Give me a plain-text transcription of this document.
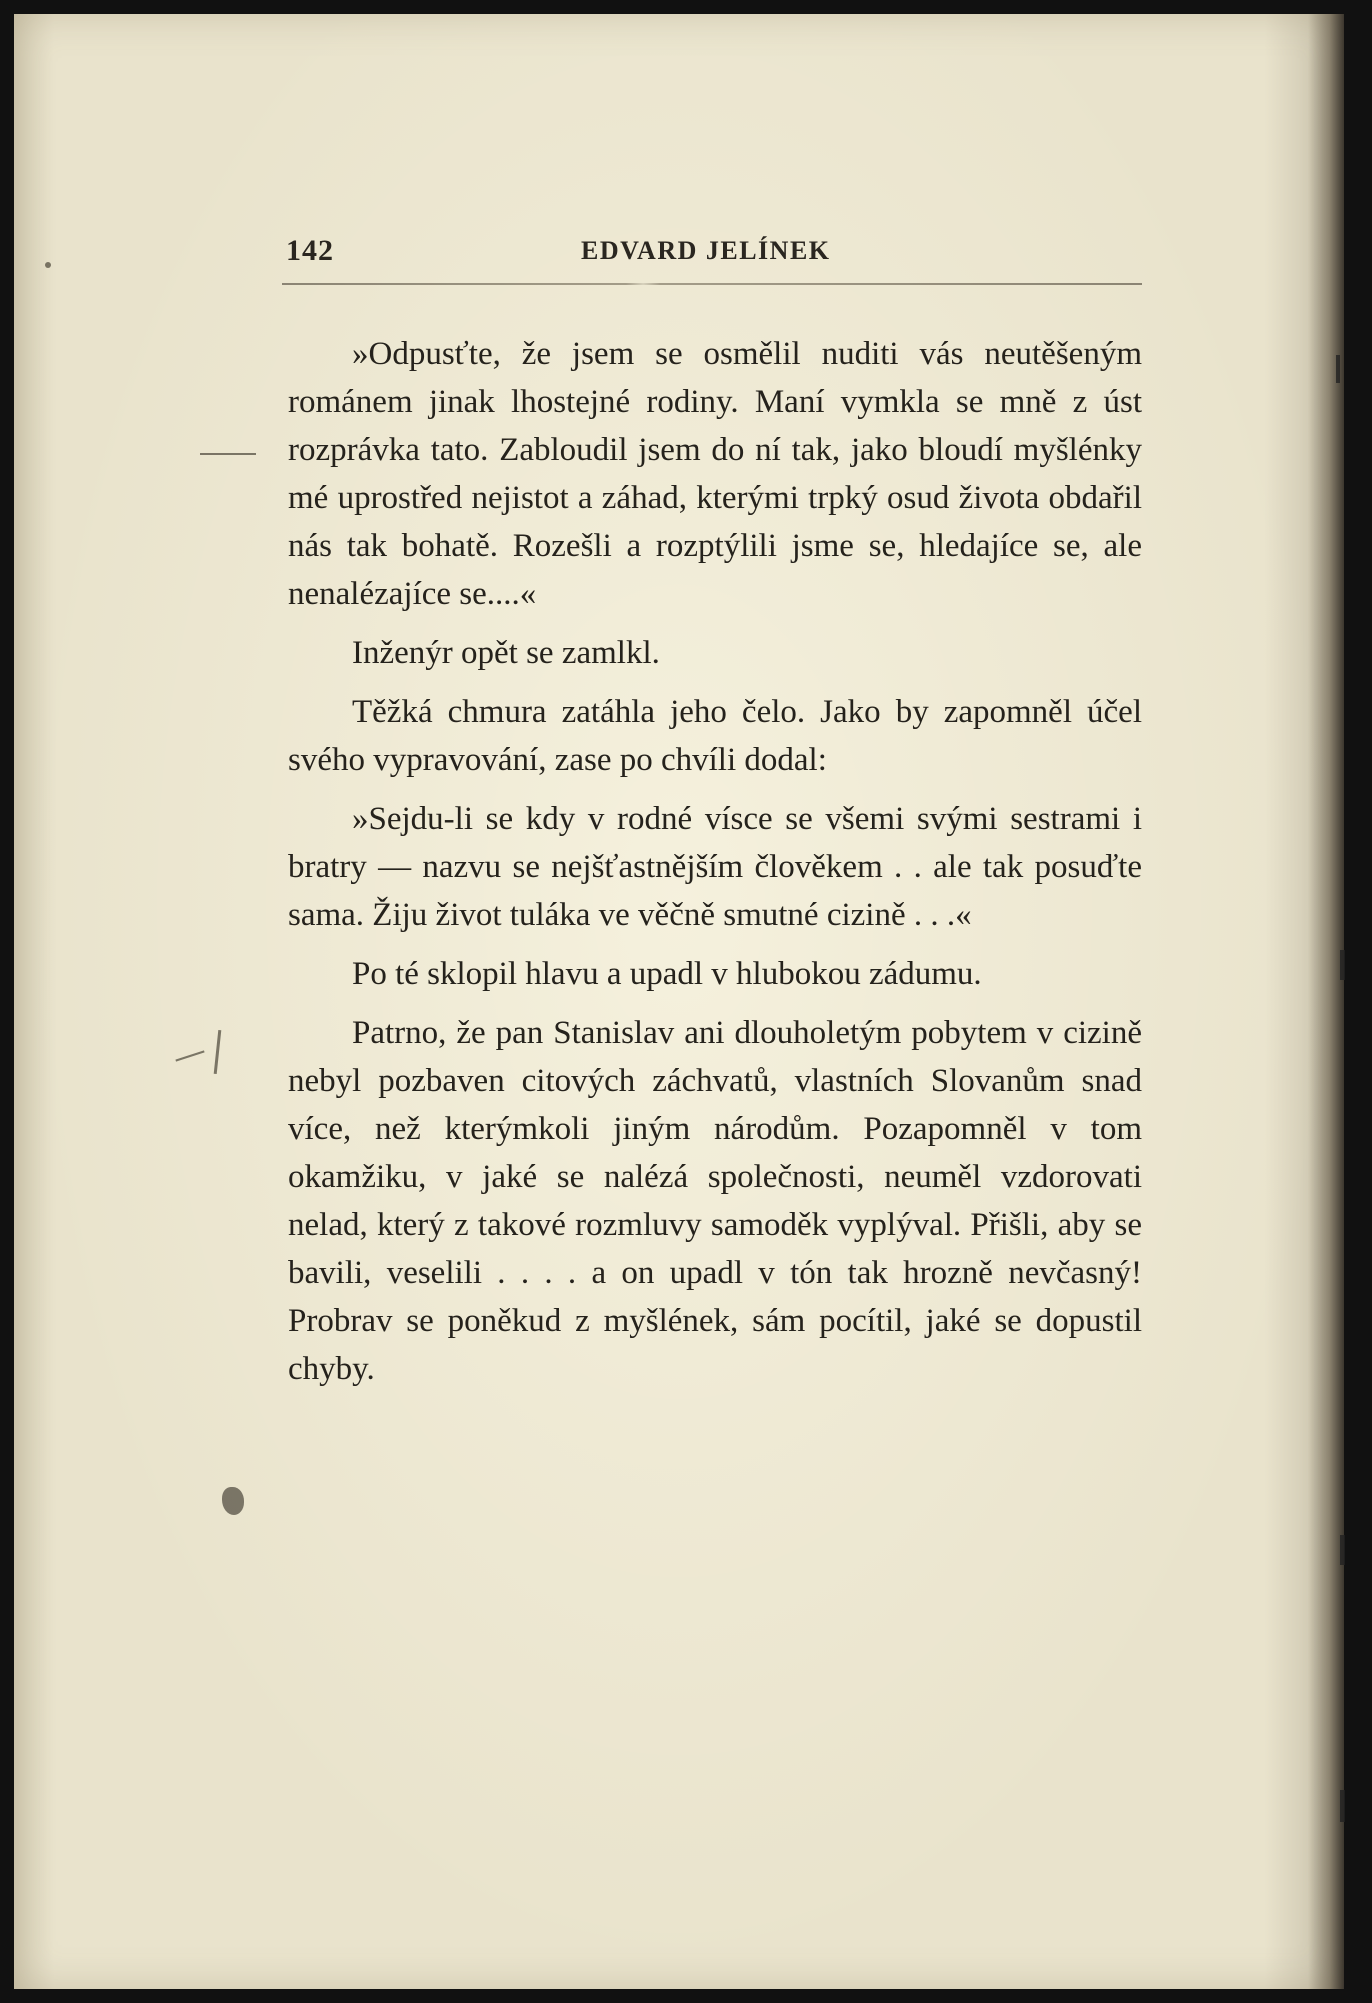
142	EDVARD JELÍNEK

»Odpusťte, že jsem se osmělil nuditi vás neutěšeným románem jinak lhostejné rodiny. Maní vymkla se mně z úst rozprávka tato. Zabloudil jsem do ní tak, jako bloudí myšlénky mé uprostřed nejistot a záhad, kterými trpký osud života obdařil nás tak bohatě. Rozešli a rozptýlili jsme se, hledajíce se, ale nenalézajíce se....«

Inženýr opět se zamlkl.

Těžká chmura zatáhla jeho čelo. Jako by zapomněl účel svého vypravování, zase po chvíli dodal:

»Sejdu-li se kdy v rodné vísce se všemi svými sestrami i bratry — nazvu se nejšťastnějším člověkem . . ale tak posuďte sama. Žiju život tuláka ve věčně smutné cizině . . .«

Po té sklopil hlavu a upadl v hlubokou zádumu.

Patrno, že pan Stanislav ani dlouholetým pobytem v cizině nebyl pozbaven citových záchvatů, vlastních Slovanům snad více, než kterýmkoli jiným národům. Pozapomněl v tom okamžiku, v jaké se nalézá společnosti, neuměl vzdorovati nelad, který z takové rozmluvy samoděk vyplýval. Přišli, aby se bavili, veselili . . . . a on upadl v tón tak hrozně nevčasný! Probrav se poněkud z myšlének, sám pocítil, jaké se dopustil chyby.
